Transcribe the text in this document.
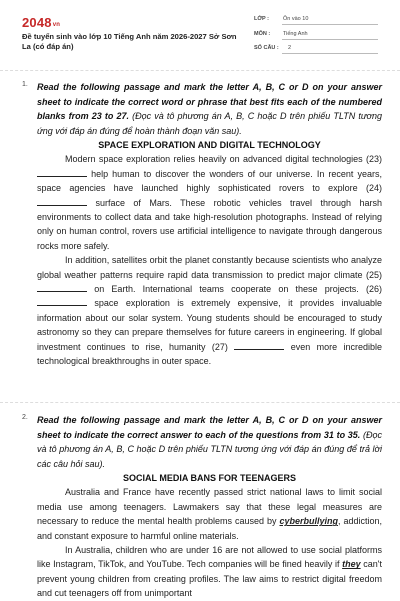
$2048_{vn}$
Đề tuyển sinh vào lớp 10 Tiếng Anh năm 2026-2027 Sở Sơn La (có đáp án)
LỚP :	Ôn vào 10
MÔN : Tiếng Anh
SỐ CÂU : 2
1. Read the following passage and mark the letter A, B, C or D on your answer sheet to indicate the correct word or phrase that best fits each of the numbered blanks from 23 to 27. (Đọc và tô phương án A, B, C hoặc D trên phiếu TLTN tương ứng với đáp án đúng để hoàn thành đoạn văn sau).
SPACE EXPLORATION AND DIGITAL TECHNOLOGY
Modern space exploration relies heavily on advanced digital technologies (23)  help human to discover the wonders of our universe. In recent years, space agencies have launched highly sophisticated rovers to explore (24)  surface of Mars. These robotic vehicles travel through harsh environments to collect data and take high-resolution photographs. Instead of relying only on human control, rovers use artificial intelligence to navigate through dangerous rocks more safely.
In addition, satellites orbit the planet constantly because scientists who analyze global weather patterns require rapid data transmission to predict major climate (25)  on Earth. International teams cooperate on these projects. (26)  space exploration is extremely expensive, it provides invaluable information about our solar system. Young students should be encouraged to study astronomy so they can prepare themselves for future careers in engineering. If global investment continues to rise, humanity (27)	even more incredible technological breakthroughs in outer space.
2. Read the following passage and mark the letter A, B, C or D on your answer sheet to indicate the correct answer to each of the questions from 31 to 35. (Đọc và tô phương án A, B, C hoặc D trên phiếu TLTN tương ứng với đáp án đúng để trả lời các câu hỏi sau).
SOCIAL MEDIA BANS FOR TEENAGERS
Australia and France have recently passed strict national laws to limit social media use among teenagers. Lawmakers say that these legal measures are necessary to reduce the mental health problems caused by cyberbullying, addiction, and constant exposure to harmful online materials.
In Australia, children who are under 16 are not allowed to use social platforms like Instagram, TikTok, and YouTube. Tech companies will be fined heavily if they can't prevent young children from creating profiles. The law aims to restrict digital freedom and cut teenagers off from unimportant
